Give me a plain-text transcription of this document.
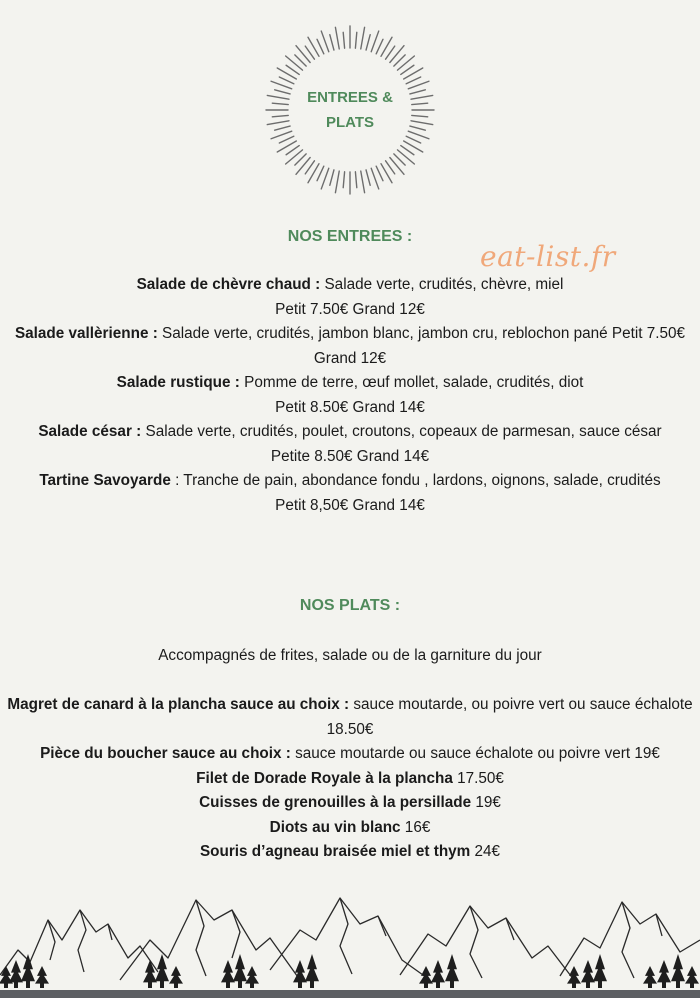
ENTREES &
PLATS
eat-list.fr
NOS ENTREES :

Salade de chèvre chaud : Salade verte, crudités, chèvre, miel
Petit 7.50€ Grand 12€

Salade vallèrienne : Salade verte, crudités, jambon blanc, jambon cru, reblochon pané Petit 7.50€ Grand 12€

Salade rustique : Pomme de terre, œuf mollet, salade, crudités, diot
Petit 8.50€ Grand 14€

Salade césar : Salade verte, crudités, poulet, croutons, copeaux de parmesan, sauce césar
Petite 8.50€ Grand 14€

Tartine Savoyarde : Tranche de pain, abondance fondu , lardons, oignons, salade, crudités
Petit 8,50€ Grand 14€

NOS PLATS :
Accompagnés de frites, salade ou de la garniture du jour

Magret de canard à la plancha sauce au choix : sauce moutarde, ou poivre vert ou sauce échalote 18.50€

Pièce du boucher sauce au choix : sauce moutarde ou sauce échalote ou poivre vert 19€

Filet de Dorade Royale à la plancha 17.50€

Cuisses de grenouilles à la persillade 19€

Diots au vin blanc 16€

Souris d’agneau braisée miel et thym 24€
